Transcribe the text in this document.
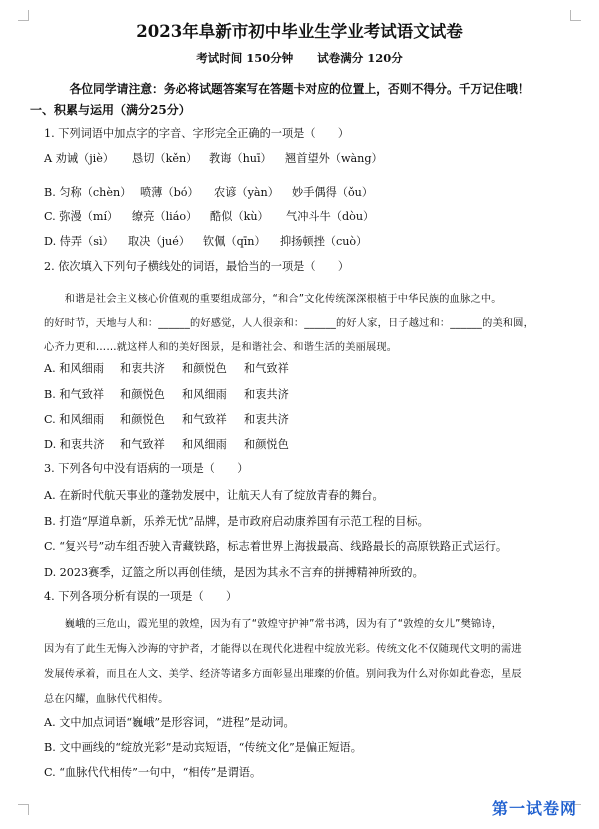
2023年阜新市初中毕业生学业考试语文试卷
考试时间 150分钟 试卷满分 120分
各位同学请注意：务必将试题答案写在答题卡对应的位置上，否则不得分。千万记住哦！
一、积累与运用（满分25分）
1. 下列词语中加点字的字音、字形完全正确的一项是（　　）
A 劝诫（jiè） 恳切（kěn） 教诲（huī） 翘首望外（wàng）
B. 匀称（chèn） 喷薄（bó） 农谚（yàn） 妙手偶得（ǒu）
C. 弥漫（mí） 缭亮（liáo） 酷似（kù） 气冲斗牛（dòu）
D. 侍弄（sì） 取决（jué） 钦佩（qīn） 抑扬顿挫（cuò）
2. 依次填入下列句子横线处的词语，最恰当的一项是（　　）
　　和谐是社会主义核心价值观的重要组成部分，“和合”文化传统深深根植于中华民族的血脉之中。
的好时节，天地与人和：______的好感觉，人人很亲和：______的好人家，日子越过和：______的美和圆，
心齐力更和……就这样人和的美好图景，是和谐社会、和谐生活的美丽展现。
A. 和风细雨 和衷共济 和颜悦色 和气致祥
B. 和气致祥 和颜悦色 和风细雨 和衷共济
C. 和风细雨 和颜悦色 和气致祥 和衷共济
D. 和衷共济 和气致祥 和风细雨 和颜悦色
3. 下列各句中没有语病的一项是（　　）
A. 在新时代航天事业的蓬勃发展中，让航天人有了绽放青春的舞台。
B. 打造“厚道阜新，乐养无忧”品牌，是市政府启动康养国有示范工程的目标。
C. “复兴号”动车组否驶入青藏铁路，标志着世界上海拔最高、线路最长的高原铁路正式运行。
D. 2023赛季，辽篮之所以再创佳绩，是因为其永不言弃的拼搏精神所致的。
4. 下列各项分析有误的一项是（　　）
　　巍峨的三危山，霞光里的敦煌，因为有了“敦煌守护神”常书鸿，因为有了“敦煌的女儿”樊锦诗，
因为有了此生无悔入沙海的守护者，才能得以在现代化进程中绽放光彩。传统文化不仅随现代文明的需进
发展传承着，而且在人文、美学、经济等诸多方面彰显出璀璨的价值。别问我为什么对你如此眷恋，星辰
总在闪耀，血脉代代相传。
A. 文中加点词语“巍峨”是形容词，“进程”是动词。
B. 文中画线的“绽放光彩”是动宾短语，“传统文化”是偏正短语。
C. “血脉代代相传”一句中，“相传”是谓语。
第一试卷网
